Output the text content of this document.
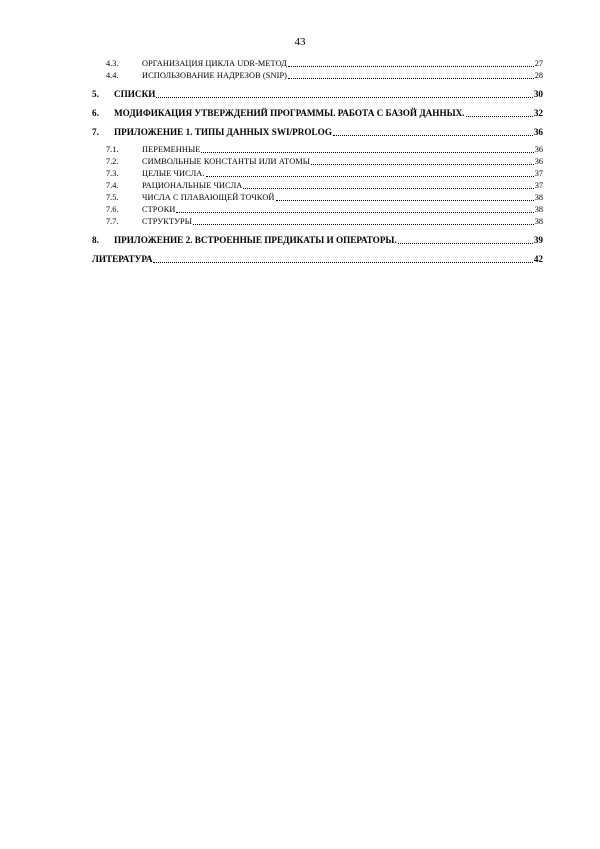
43
4.3.	ОРГАНИЗАЦИЯ ЦИКЛА UDR-МЕТОД	27
4.4.	ИСПОЛЬЗОВАНИЕ НАДРЕЗОВ (SNIP)	28
5.	СПИСКИ	30
6.	МОДИФИКАЦИЯ УТВЕРЖДЕНИЙ ПРОГРАММЫ. РАБОТА С БАЗОЙ ДАННЫХ.	32
7.	ПРИЛОЖЕНИЕ 1. ТИПЫ ДАННЫХ SWI/PROLOG	36
7.1.	ПЕРЕМЕННЫЕ	36
7.2.	СИМВОЛЬНЫЕ КОНСТАНТЫ ИЛИ АТОМЫ	36
7.3.	ЦЕЛЫЕ ЧИСЛА.	37
7.4.	РАЦИОНАЛЬНЫЕ ЧИСЛА	37
7.5.	ЧИСЛА С ПЛАВАЮЩЕЙ ТОЧКОЙ	38
7.6.	СТРОКИ	38
7.7.	СТРУКТУРЫ	38
8.	ПРИЛОЖЕНИЕ 2. ВСТРОЕННЫЕ ПРЕДИКАТЫ И ОПЕРАТОРЫ.	39
ЛИТЕРАТУРА	42
